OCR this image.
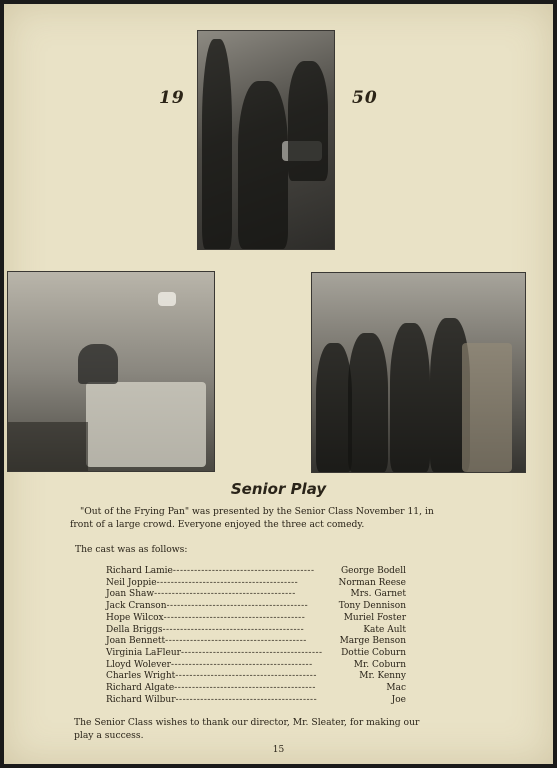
19	50
Senior Play
"Out of the Frying Pan" was presented by the Senior Class November 11, in
front of a large crowd. Everyone enjoyed the three act comedy.
The cast was as follows:
Richard Lamie ----------------------------------------	George Bodell
Neil Joppie ----------------------------------------	Norman Reese
Joan Shaw ----------------------------------------	Mrs. Garnet
Jack Cranson ----------------------------------------	Tony Dennison
Hope Wilcox ----------------------------------------	Muriel Foster
Della Briggs ----------------------------------------	Kate Ault
Joan Bennett ----------------------------------------	Marge Benson
Virginia LaFleur ----------------------------------------	Dottie Coburn
Lloyd Wolever ----------------------------------------	Mr. Coburn
Charles Wright ----------------------------------------	Mr. Kenny
Richard Algate ----------------------------------------	Mac
Richard Wilbur ----------------------------------------	Joe
The Senior Class wishes to thank our director, Mr. Sleater, for making our
play a success.
15
